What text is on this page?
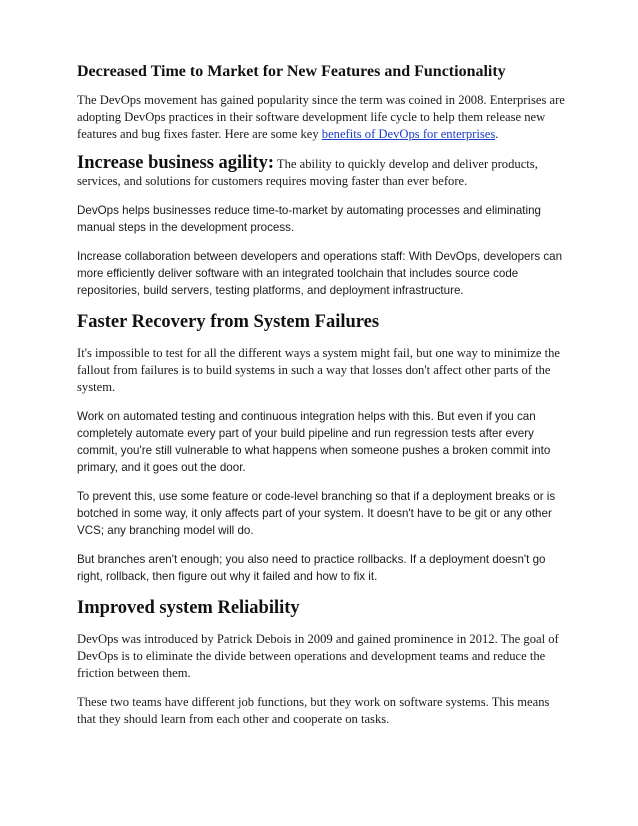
Decreased Time to Market for New Features and Functionality

The DevOps movement has gained popularity since the term was coined in 2008. Enterprises are adopting DevOps practices in their software development life cycle to help them release new features and bug fixes faster. Here are some key benefits of DevOps for enterprises.

Increase business agility: The ability to quickly develop and deliver products, services, and solutions for customers requires moving faster than ever before.

DevOps helps businesses reduce time-to-market by automating processes and eliminating manual steps in the development process.

Increase collaboration between developers and operations staff: With DevOps, developers can more efficiently deliver software with an integrated toolchain that includes source code repositories, build servers, testing platforms, and deployment infrastructure.

Faster Recovery from System Failures

It's impossible to test for all the different ways a system might fail, but one way to minimize the fallout from failures is to build systems in such a way that losses don't affect other parts of the system.

Work on automated testing and continuous integration helps with this. But even if you can completely automate every part of your build pipeline and run regression tests after every commit, you're still vulnerable to what happens when someone pushes a broken commit into primary, and it goes out the door.

To prevent this, use some feature or code-level branching so that if a deployment breaks or is botched in some way, it only affects part of your system. It doesn't have to be git or any other VCS; any branching model will do.

But branches aren't enough; you also need to practice rollbacks. If a deployment doesn't go right, rollback, then figure out why it failed and how to fix it.

Improved system Reliability

DevOps was introduced by Patrick Debois in 2009 and gained prominence in 2012. The goal of DevOps is to eliminate the divide between operations and development teams and reduce the friction between them.

These two teams have different job functions, but they work on software systems. This means that they should learn from each other and cooperate on tasks.
